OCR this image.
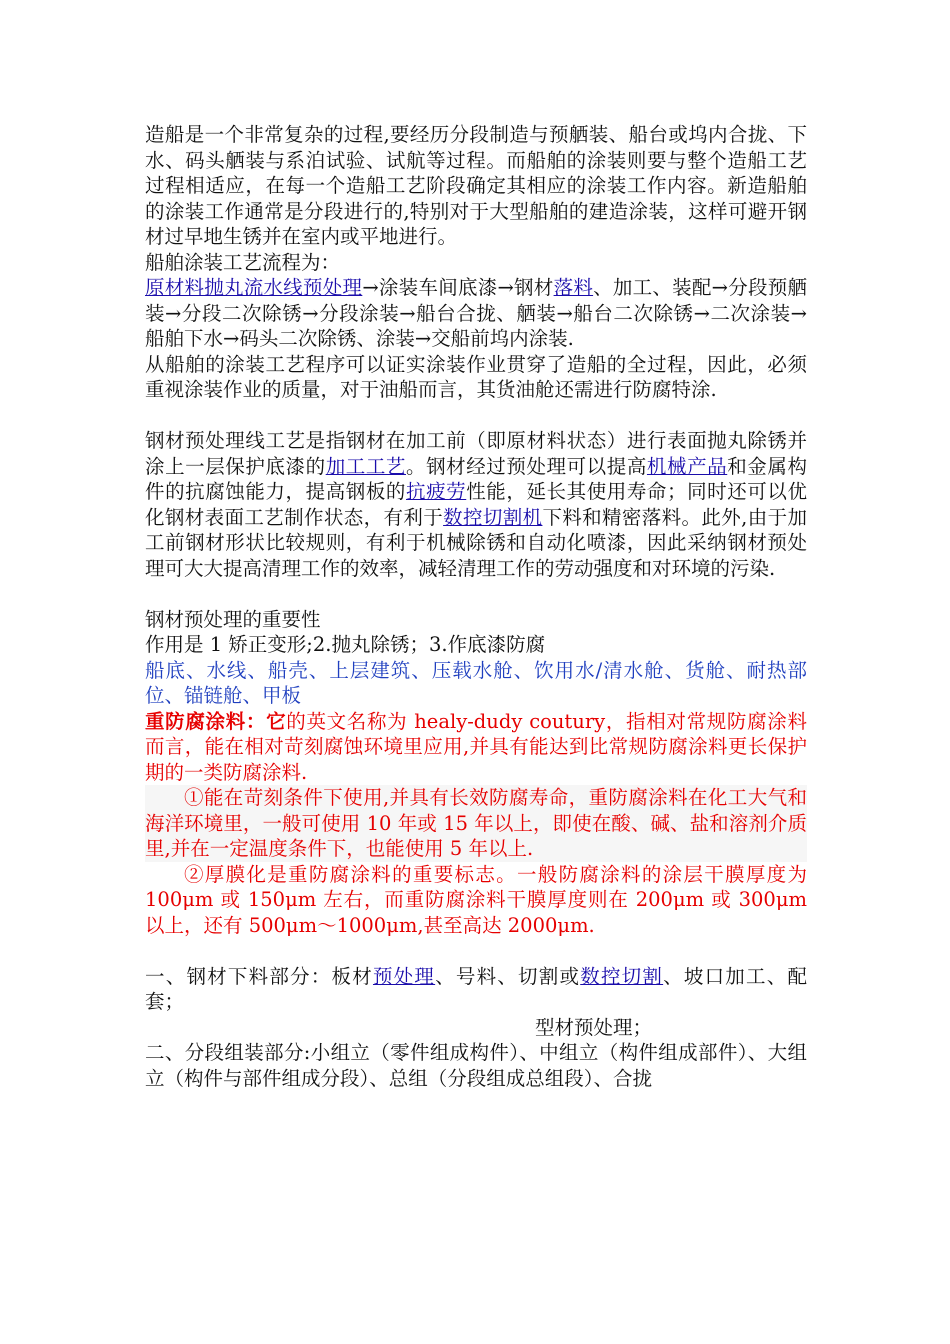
造船是一个非常复杂的过程,要经历分段制造与预舾装、船台或坞内合拢、下水、码头舾装与系泊试验、试航等过程。而船舶的涂装则要与整个造船工艺过程相适应，在每一个造船工艺阶段确定其相应的涂装工作内容。新造船舶的涂装工作通常是分段进行的,特别对于大型船舶的建造涂装，这样可避开钢材过早地生锈并在室内或平地进行。

船舶涂装工艺流程为：

原材料抛丸流水线预处理→涂装车间底漆→钢材落料、加工、装配→分段预舾装→分段二次除锈→分段涂装→船台合拢、舾装→船台二次除锈→二次涂装→船舶下水→码头二次除锈、涂装→交船前坞内涂装.

从船舶的涂装工艺程序可以证实涂装作业贯穿了造船的全过程，因此，必须重视涂装作业的质量，对于油船而言，其货油舱还需进行防腐特涂.

钢材预处理线工艺是指钢材在加工前（即原材料状态）进行表面抛丸除锈并涂上一层保护底漆的加工工艺。钢材经过预处理可以提高机械产品和金属构件的抗腐蚀能力，提高钢板的抗疲劳性能，延长其使用寿命；同时还可以优化钢材表面工艺制作状态，有利于数控切割机下料和精密落料。此外,由于加工前钢材形状比较规则，有利于机械除锈和自动化喷漆，因此采纳钢材预处理可大大提高清理工作的效率，减轻清理工作的劳动强度和对环境的污染.

钢材预处理的重要性

作用是 1 矫正变形;2.抛丸除锈；3.作底漆防腐

船底、水线、船壳、上层建筑、压载水舱、饮用水/清水舱、货舱、耐热部位、锚链舱、甲板

重防腐涂料：它的英文名称为 healy-dudy coutury，指相对常规防腐涂料而言，能在相对苛刻腐蚀环境里应用,并具有能达到比常规防腐涂料更长保护期的一类防腐涂料.

①能在苛刻条件下使用,并具有长效防腐寿命，重防腐涂料在化工大气和海洋环境里，一般可使用 10 年或 15 年以上，即使在酸、碱、盐和溶剂介质里,并在一定温度条件下，也能使用 5 年以上.

②厚膜化是重防腐涂料的重要标志。一般防腐涂料的涂层干膜厚度为 100μm 或 150μm 左右，而重防腐涂料干膜厚度则在 200μm 或 300μm 以上，还有 500μm～1000μm,甚至高达 2000μm.

一、钢材下料部分：板材预处理、号料、切割或数控切割、坡口加工、配套；

型材预处理；

二、分段组装部分:小组立（零件组成构件）、中组立（构件组成部件）、大组立（构件与部件组成分段）、总组（分段组成总组段）、合拢
